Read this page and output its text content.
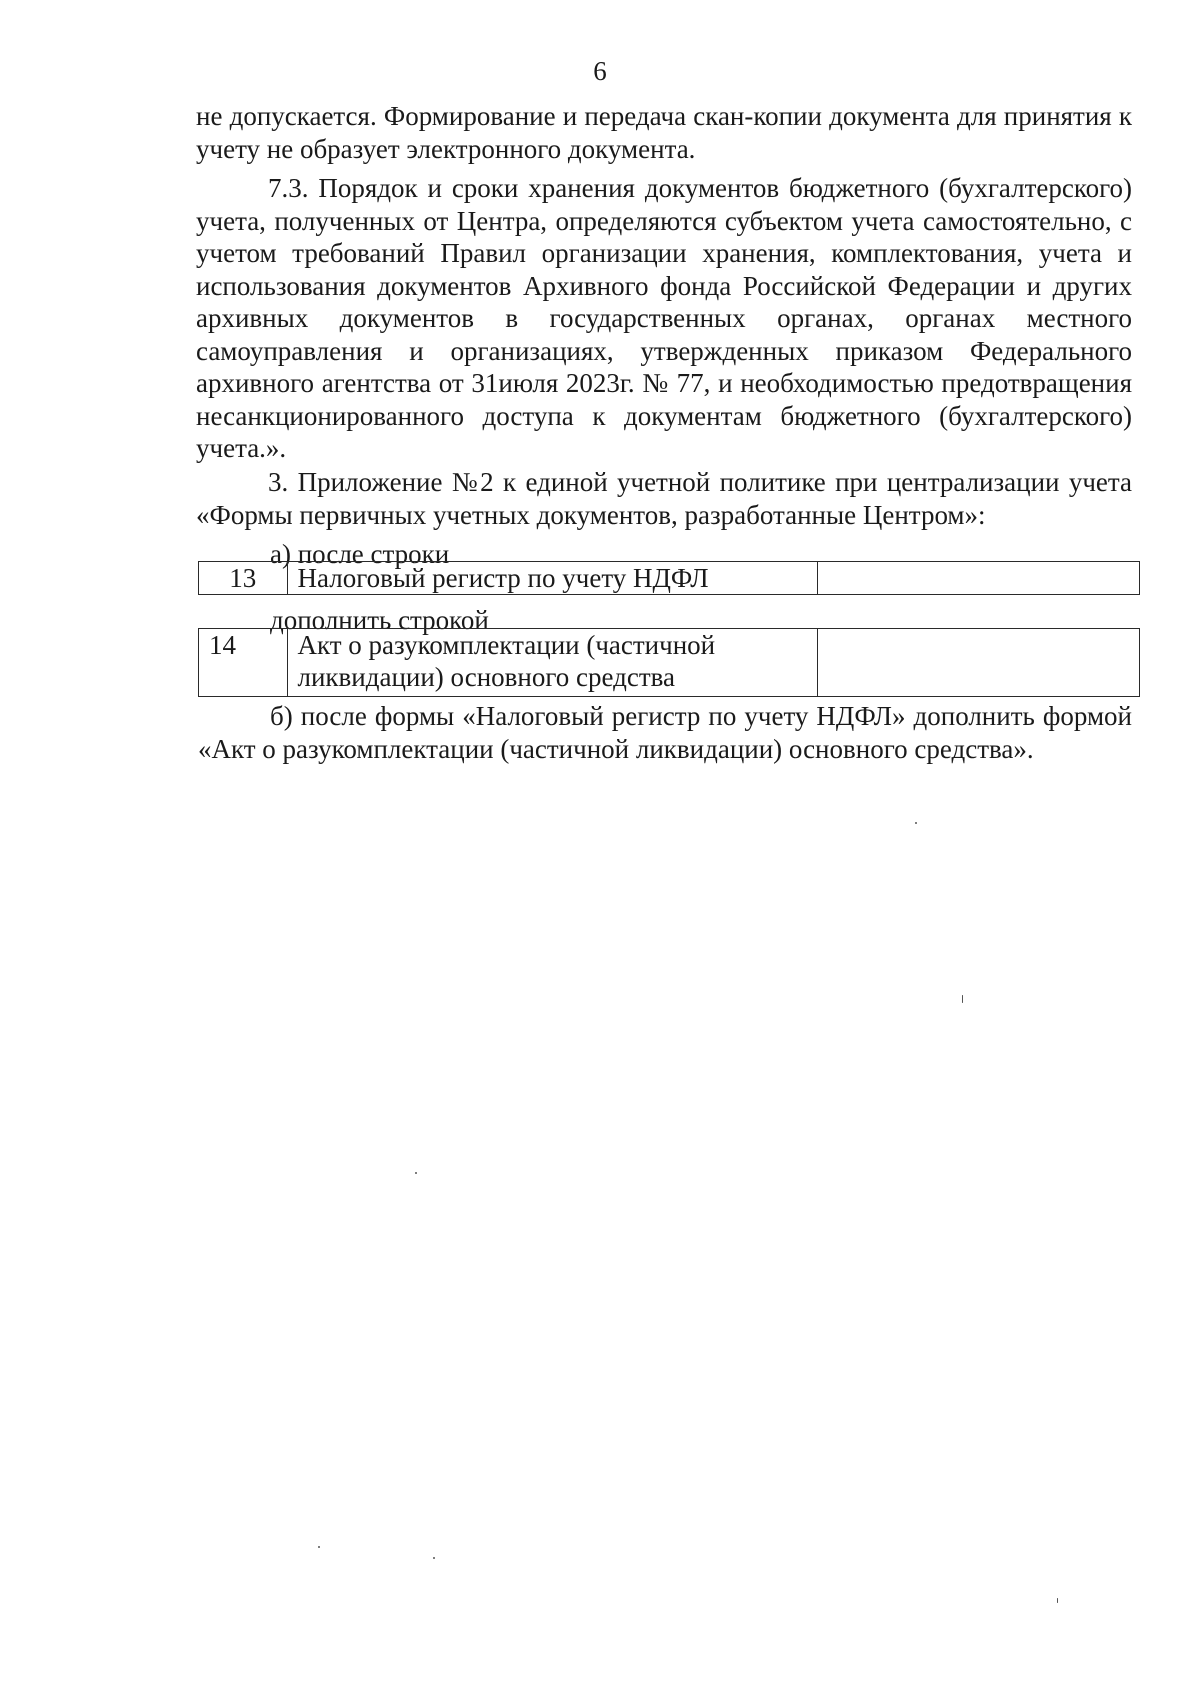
6

не допускается. Формирование и передача скан-копии документа для принятия к учету не образует электронного документа.

7.3. Порядок и сроки хранения документов бюджетного (бухгалтерского) учета, полученных от Центра, определяются субъектом учета самостоятельно, с учетом требований Правил организации хранения, комплектования, учета и использования документов Архивного фонда Российской Федерации и других архивных документов в государственных органах, органах местного самоуправления и организациях, утвержденных приказом Федерального архивного агентства от 31июля 2023г. № 77, и необходимостью предотвращения несанкционированного доступа к документам бюджетного (бухгалтерского) учета.».

3. Приложение №2 к единой учетной политике при централизации учета «Формы первичных учетных документов, разработанные Центром»:

а) после строки
13	Налоговый регистр по учету НДФЛ	
дополнить строкой
14	Акт о разукомплектации (частичной ликвидации) основного средства	

б) после формы «Налоговый регистр по учету НДФЛ» дополнить формой «Акт о разукомплектации (частичной ликвидации) основного средства».
